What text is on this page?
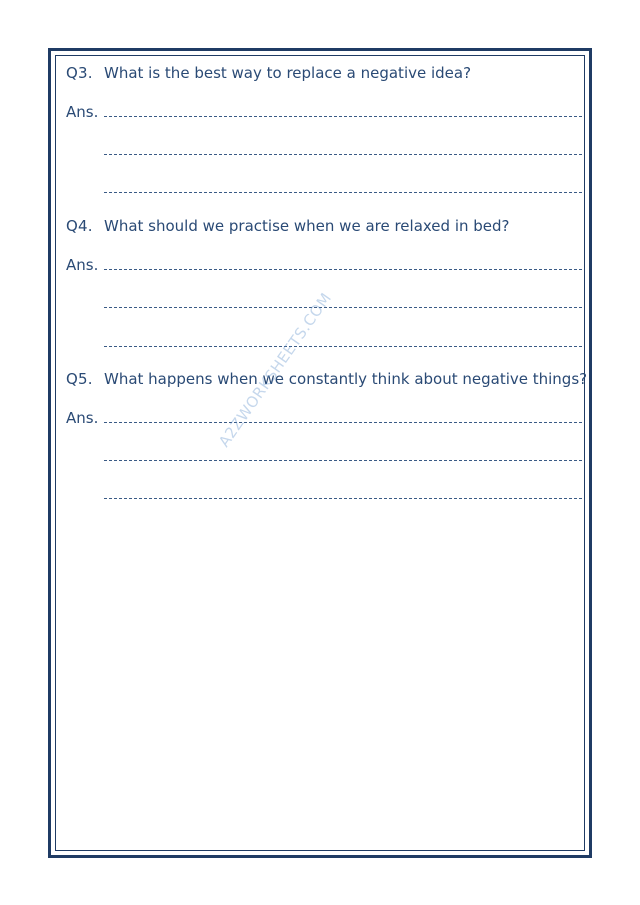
Q3. What is the best way to replace a negative idea?
Ans.
Q4. What should we practise when we are relaxed in bed?
Ans.
Q5. What happens when we constantly think about negative things?
Ans.	A2ZWORKSHEETS.COM
